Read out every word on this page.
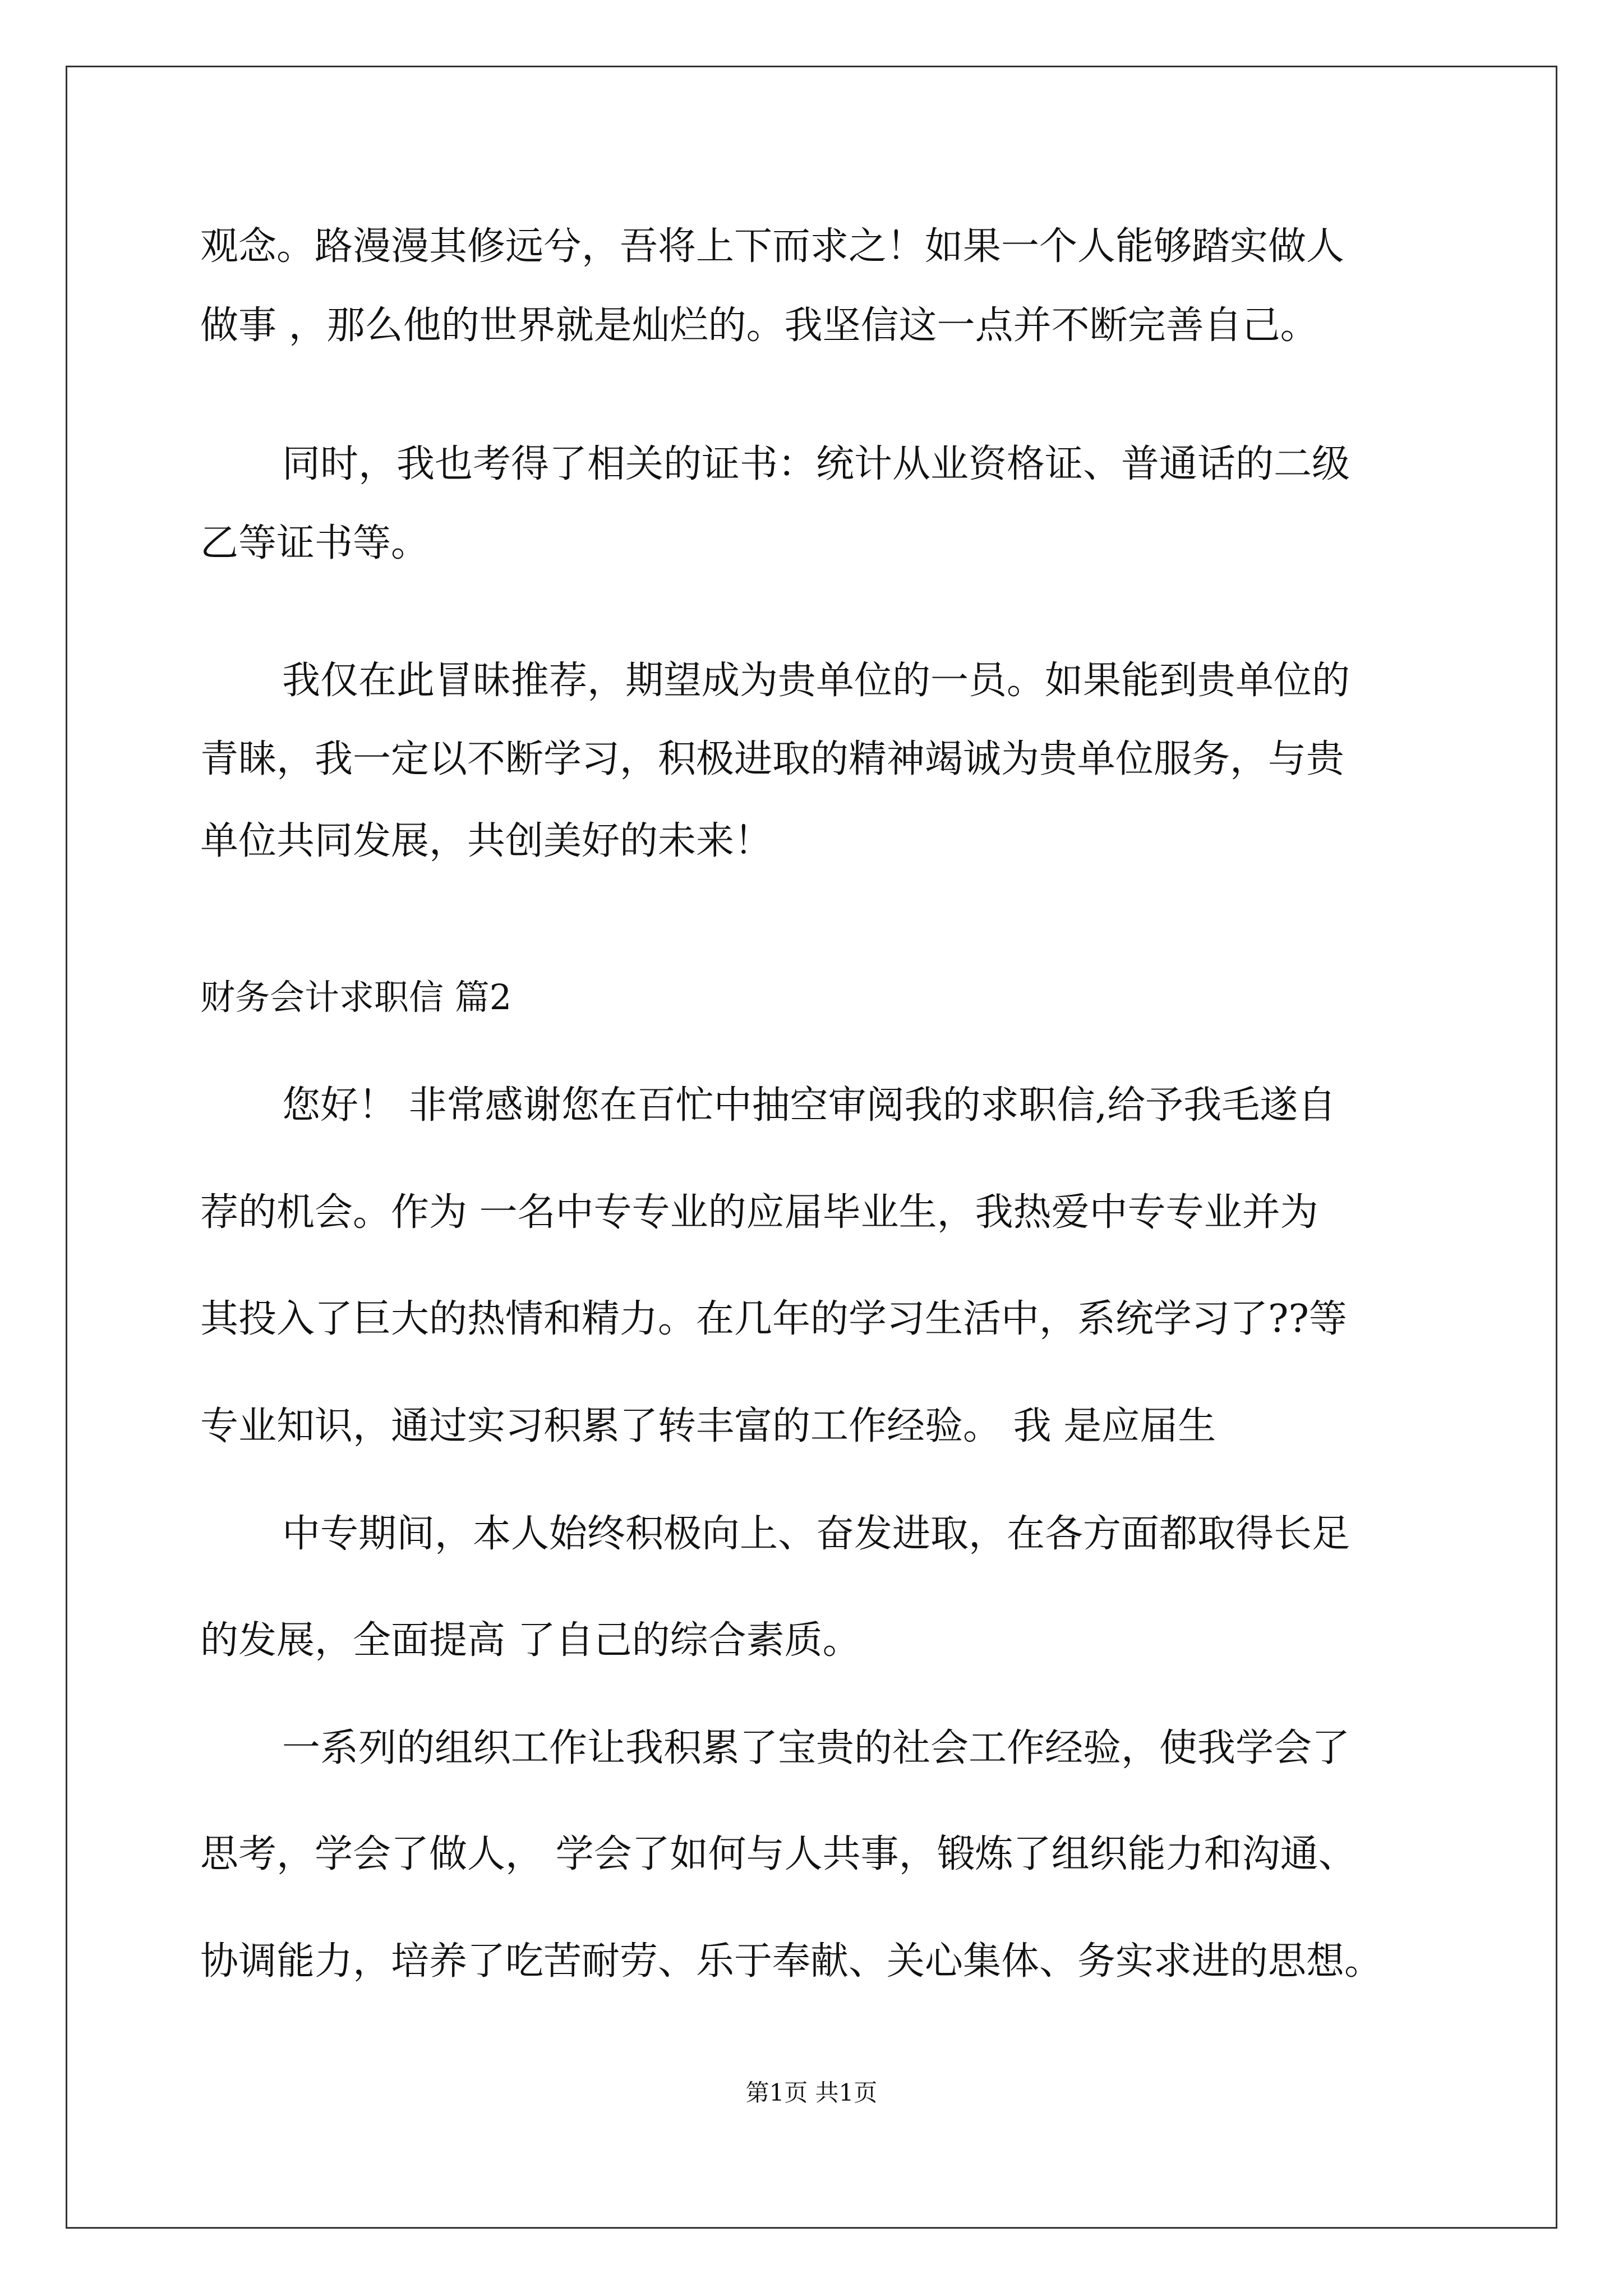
观念。路漫漫其修远兮，吾将上下而求之！如果一个人能够踏实做人
做事 ，那么他的世界就是灿烂的。我坚信这一点并不断完善自己。
同时，我也考得了相关的证书：统计从业资格证、普通话的二级
乙等证书等。
我仅在此冒昧推荐，期望成为贵单位的一员。如果能到贵单位的
青睐，我一定以不断学习，积极进取的精神竭诚为贵单位服务，与贵
单位共同发展，共创美好的未来！
财务会计求职信 篇2
您好！ 非常感谢您在百忙中抽空审阅我的求职信,给予我毛遂自
荐的机会。作为 一名中专专业的应届毕业生，我热爱中专专业并为
其投入了巨大的热情和精力。在几年的学习生活中，系统学习了??等
专业知识，通过实习积累了转丰富的工作经验。 我 是应届生
中专期间，本人始终积极向上、奋发进取，在各方面都取得长足
的发展，全面提高 了自己的综合素质。
一系列的组织工作让我积累了宝贵的社会工作经验，使我学会了
思考，学会了做人， 学会了如何与人共事，锻炼了组织能力和沟通、
协调能力，培养了吃苦耐劳、乐于奉献、关心集体、务实求进的思想。
第1页 共1页
